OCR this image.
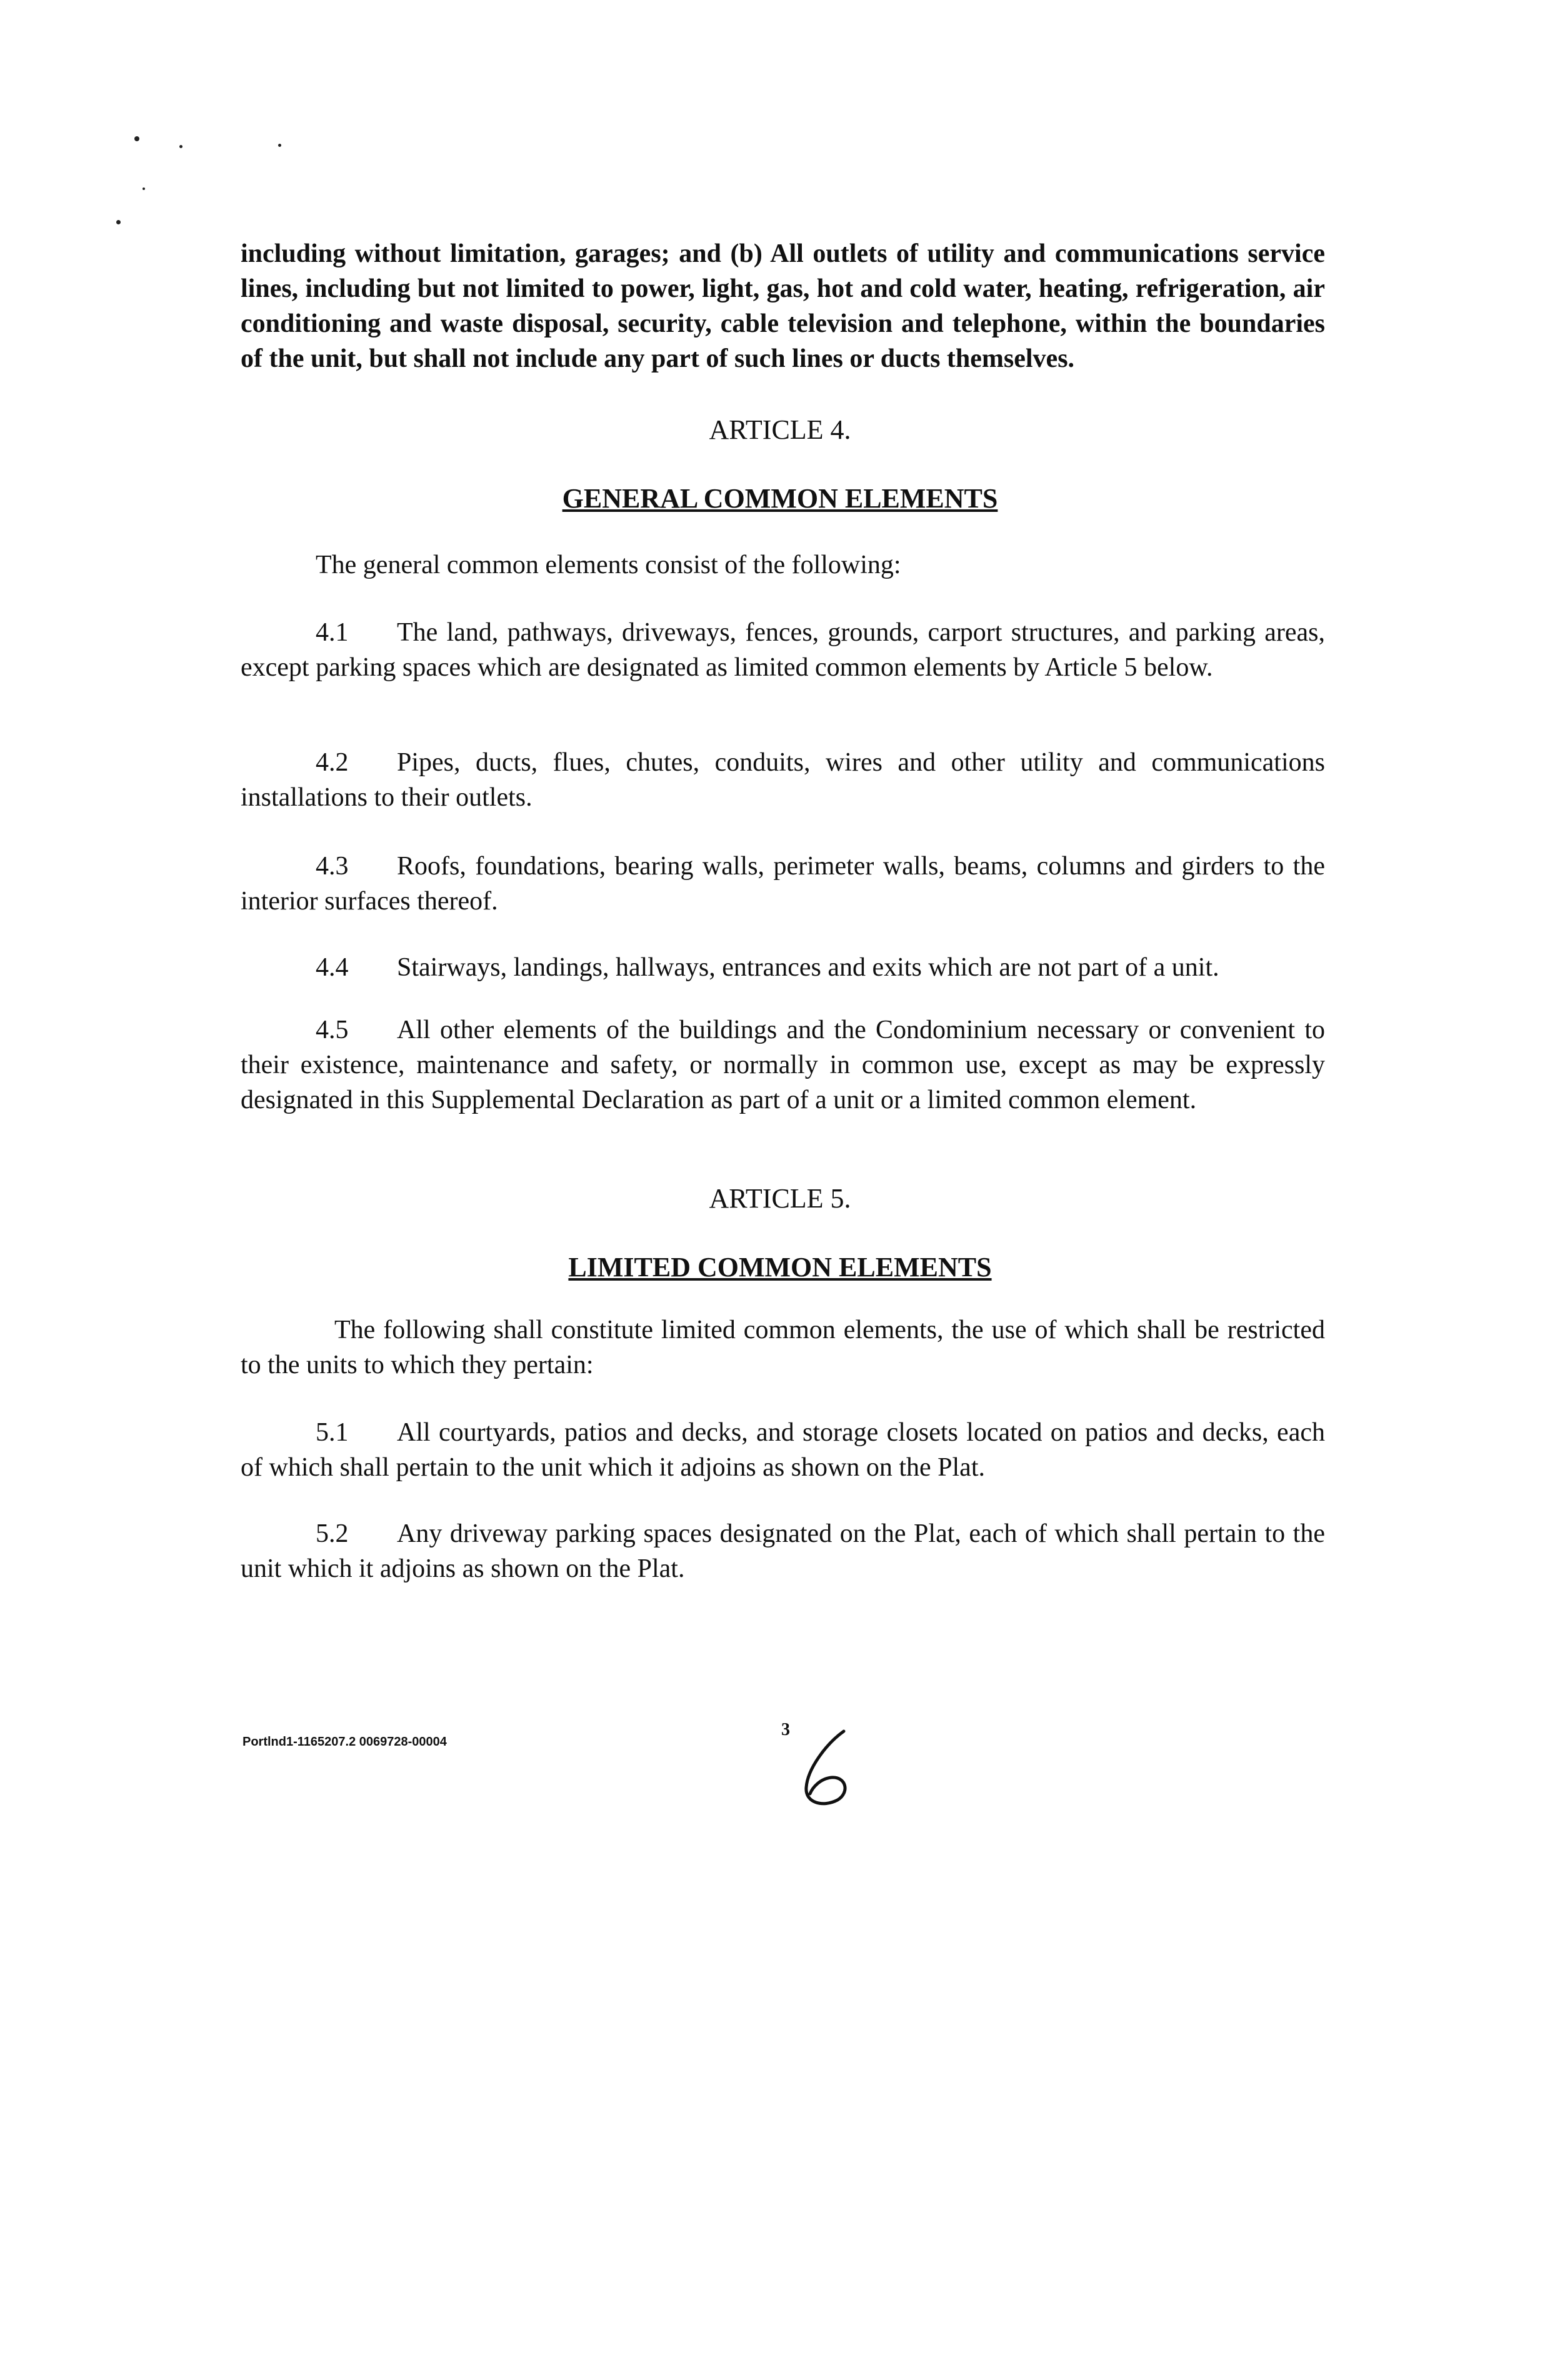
including without limitation, garages; and (b) All outlets of utility and communications service lines, including but not limited to power, light, gas, hot and cold water, heating, refrigeration, air conditioning and waste disposal, security, cable television and telephone, within the boundaries of the unit, but shall not include any part of such lines or ducts themselves.

ARTICLE 4.
GENERAL COMMON ELEMENTS

The general common elements consist of the following:

4.1 The land, pathways, driveways, fences, grounds, carport structures, and parking areas, except parking spaces which are designated as limited common elements by Article 5 below.

4.2 Pipes, ducts, flues, chutes, conduits, wires and other utility and communications installations to their outlets.

4.3 Roofs, foundations, bearing walls, perimeter walls, beams, columns and girders to the interior surfaces thereof.

4.4 Stairways, landings, hallways, entrances and exits which are not part of a unit.

4.5 All other elements of the buildings and the Condominium necessary or convenient to their existence, maintenance and safety, or normally in common use, except as may be expressly designated in this Supplemental Declaration as part of a unit or a limited common element.

ARTICLE 5.
LIMITED COMMON ELEMENTS

The following shall constitute limited common elements, the use of which shall be restricted to the units to which they pertain:

5.1 All courtyards, patios and decks, and storage closets located on patios and decks, each of which shall pertain to the unit which it adjoins as shown on the Plat.

5.2 Any driveway parking spaces designated on the Plat, each of which shall pertain to the unit which it adjoins as shown on the Plat.

Portlnd1-1165207.2 0069728-00004
3
